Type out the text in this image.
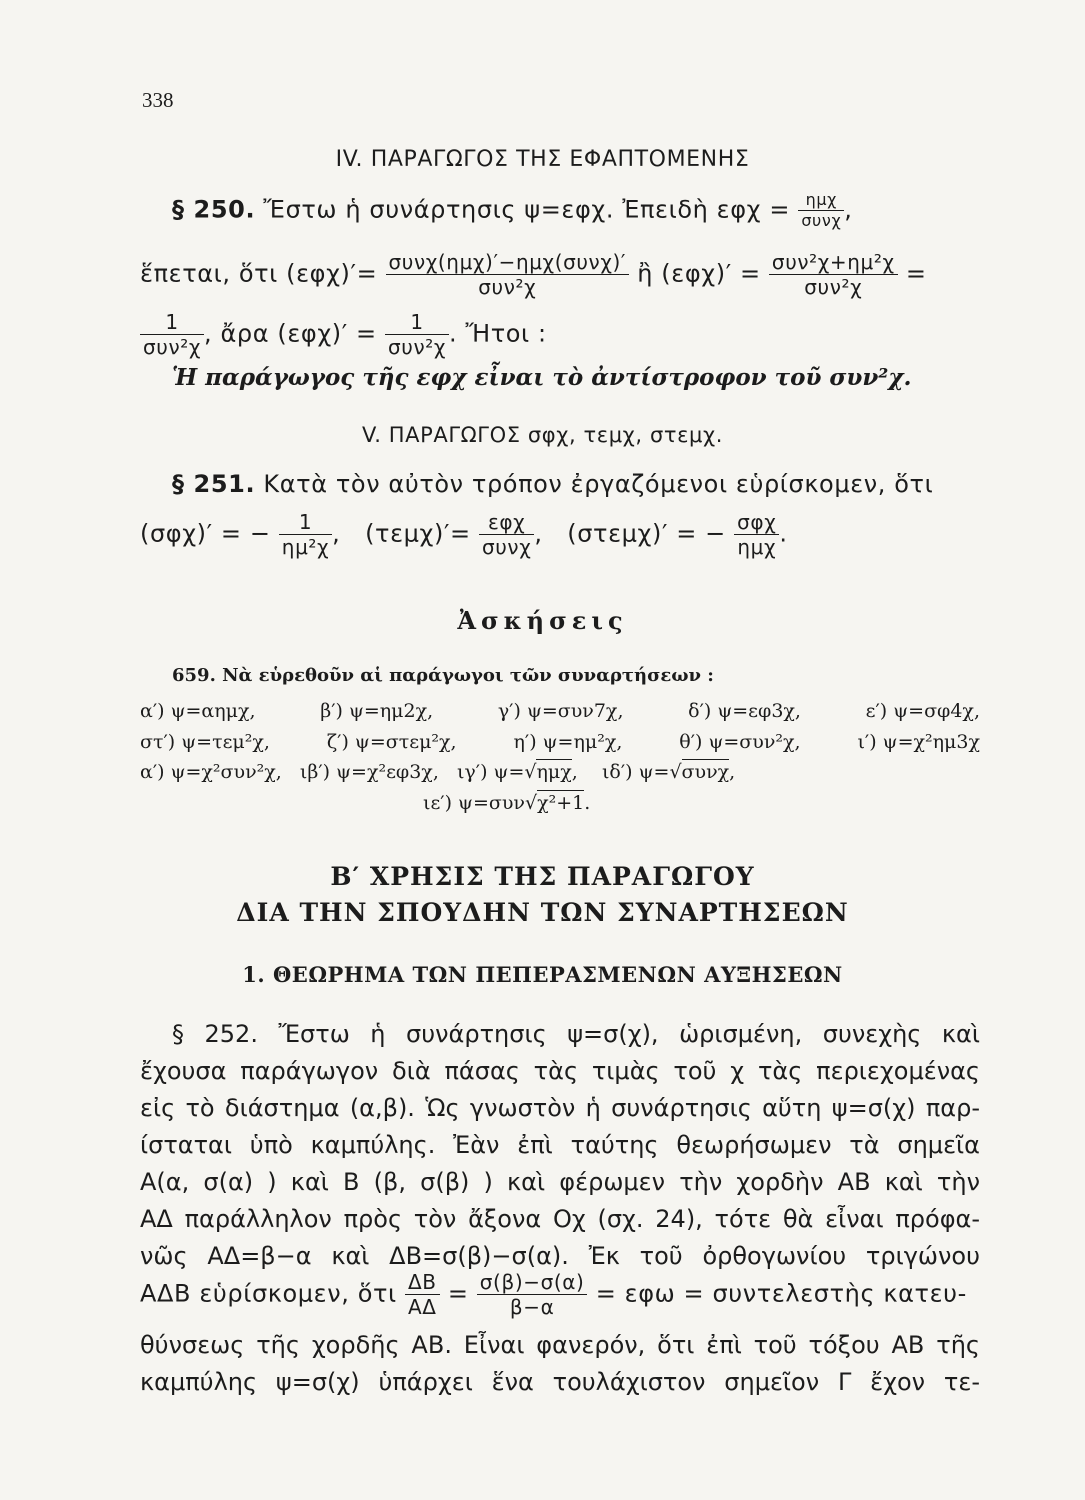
338
IV. ΠΑΡΑΓΩΓΟΣ ΤΗΣ ΕΦΑΠΤΟΜΕΝΗΣ
§ 250. Ἔστω ἡ συνάρτησις ψ=εφχ. Ἐπειδὴ $\varepsilon\varphi\chi = \frac{\text{ημχ}}{\text{συνχ}}$ ,
ἕπεται, ὅτι $(\varepsilon\varphi\chi)'= \frac{\text{συνχ(ημχ)′−ημχ(συνχ)′}}{\text{συν²χ}}$ ἢ $(\varepsilon\varphi\chi)' = \frac{\text{συν²χ+ημ²χ}}{\text{συν²χ}}$ =
$\frac{1}{\text{συν²χ}}$ , ἄρα $(\varepsilon\varphi\chi)' = \frac{1}{\text{συν²χ}}$ . Ἤτοι :
Ἡ παράγωγος τῆς εφχ εἶναι τὸ ἀντίστροφον τοῦ συν²χ.
V. ΠΑΡΑΓΩΓΟΣ σφχ, τεμχ, στεμχ.
§ 251. Κατὰ τὸν αὐτὸν τρόπον ἐργαζόμενοι εὑρίσκομεν, ὅτι
(σφχ)′ = − $\frac{1}{\text{ημ²χ}}$ ,   $(\tau\varepsilon\mu\chi)'= \frac{\text{εφχ}}{\text{συνχ}}$ ,   (στεμχ)′ = − $\frac{\text{σφχ}}{\text{ημχ}}$ .
Ἀσκήσεις
659. Νὰ εὑρεθοῦν αἱ παράγωγοι τῶν συναρτήσεων :
α′) ψ=αημχ,	β′) ψ=ημ2χ,	γ′) ψ=συν7χ,	δ′) ψ=εφ3χ,	ε′) ψ=σφ4χ,
στ′) ψ=τεμ²χ,	ζ′) ψ=στεμ²χ,	η′) ψ=ημ²χ,	θ′) ψ=συν²χ,	ι′) ψ=χ²ημ3χ
α′) ψ=χ²συν²χ, ιβ′) ψ=χ²εφ3χ, ιγ′) ψ=√ημχ, ιδ′) ψ=√συνχ,
ιε′) ψ=συν√χ²+1.
Β′ ΧΡΗΣΙΣ ΤΗΣ ΠΑΡΑΓΩΓΟΥ
ΔΙΑ ΤΗΝ ΣΠΟΥΔΗΝ ΤΩΝ ΣΥΝΑΡΤΗΣΕΩΝ
1. ΘΕΩΡΗΜΑ ΤΩΝ ΠΕΠΕΡΑΣΜΕΝΩΝ ΑΥΞΗΣΕΩΝ
§ 252. Ἔστω ἡ συνάρτησις ψ=σ(χ), ὡρισμένη, συνεχὴς καὶ
ἔχουσα παράγωγον διὰ πάσας τὰς τιμὰς τοῦ χ τὰς περιεχομένας
εἰς τὸ διάστημα (α,β). Ὡς γνωστὸν ἡ συνάρτησις αὕτη ψ=σ(χ) παρ-
ίσταται ὑπὸ καμπύλης. Ἐὰν ἐπὶ ταύτης θεωρήσωμεν τὰ σημεῖα
Α(α, σ(α) ) καὶ Β (β, σ(β) ) καὶ φέρωμεν τὴν χορδὴν ΑΒ καὶ τὴν
ΑΔ παράλληλον πρὸς τὸν ἄξονα Οχ (σχ. 24), τότε θὰ εἶναι πρόφα-
νῶς ΑΔ=β−α καὶ ΔΒ=σ(β)−σ(α). Ἐκ τοῦ ὀρθογωνίου τριγώνου
ΑΔΒ εὑρίσκομεν, ὅτι $\frac{\Delta B}{A\Delta} = \frac{\sigma(\beta)-\sigma(\alpha)}{\beta-\alpha} = \varepsilon\varphi\omega$ = συντελεστὴς κατευ-
θύνσεως τῆς χορδῆς ΑΒ. Εἶναι φανερόν, ὅτι ἐπὶ τοῦ τόξου ΑΒ τῆς
καμπύλης ψ=σ(χ) ὑπάρχει ἕνα τουλάχιστον σημεῖον Γ ἔχον τε-
